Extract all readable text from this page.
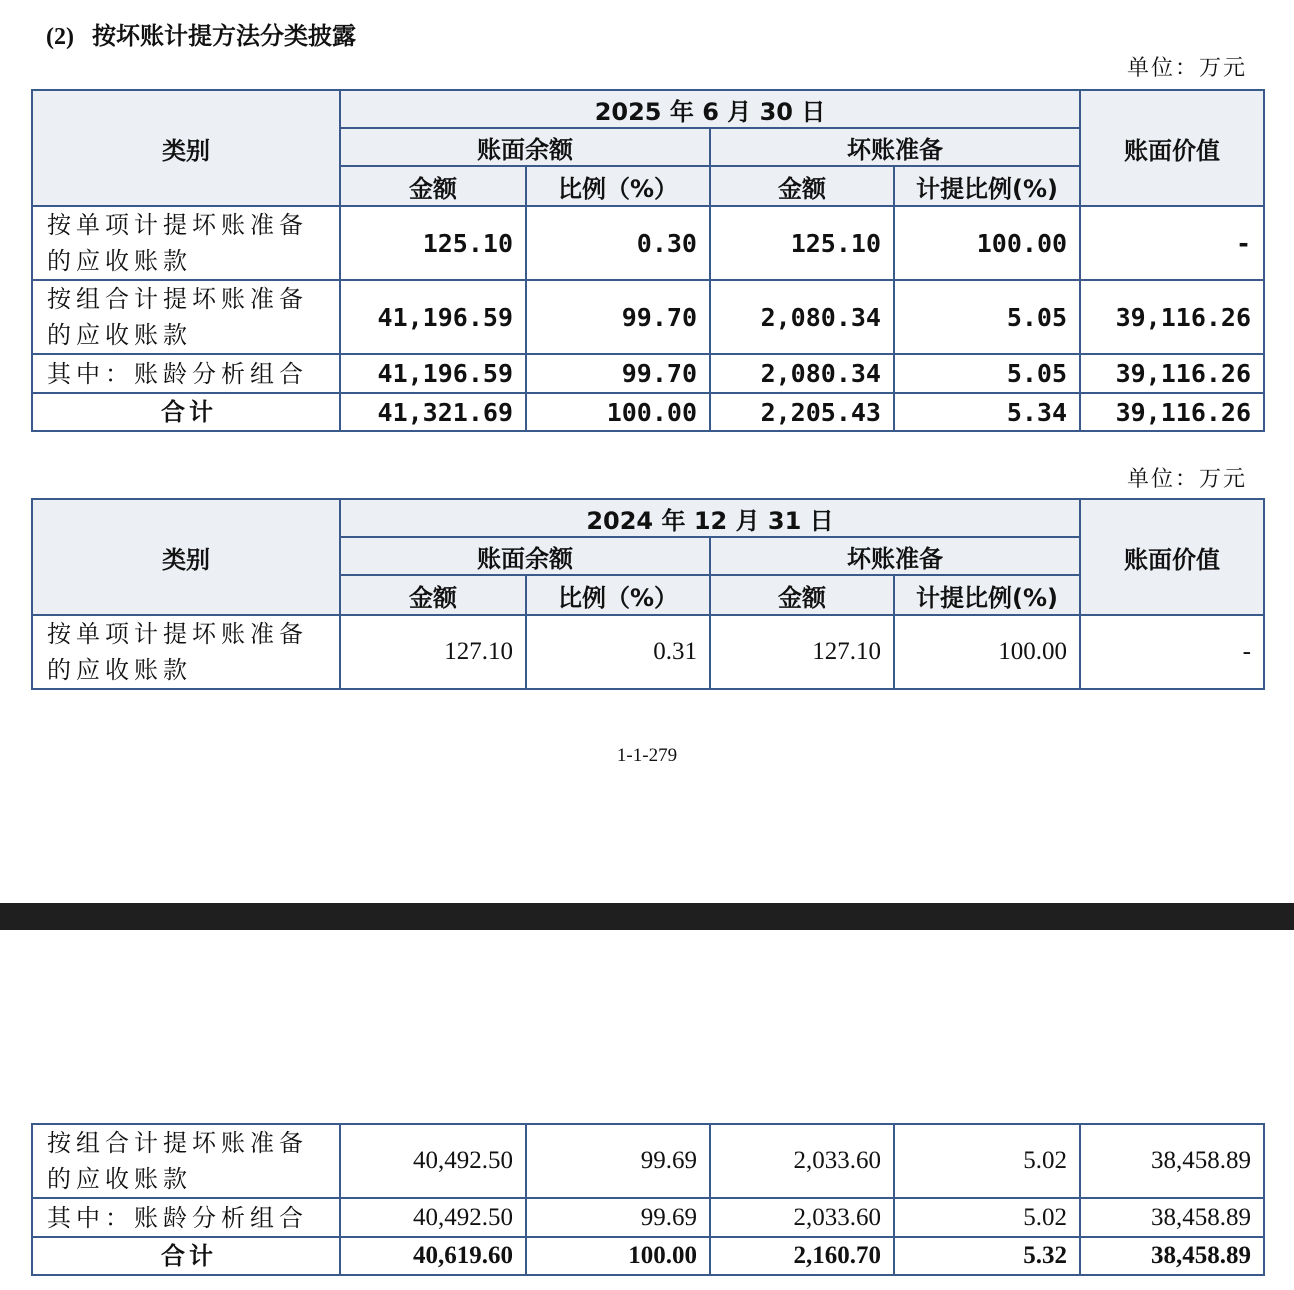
(2) 按坏账计提方法分类披露
单位：万元
类别	2025 年 6 月 30 日				账面价值
	账面余额		坏账准备		
	金额	比例（%）	金额	计提比例(%)	
按单项计提坏账准备的应收账款	125.10	0.30	125.10	100.00	-
按组合计提坏账准备的应收账款	41,196.59	99.70	2,080.34	5.05	39,116.26
其中：账龄分析组合	41,196.59	99.70	2,080.34	5.05	39,116.26
合计	41,321.69	100.00	2,205.43	5.34	39,116.26
单位：万元
类别	2024 年 12 月 31 日				账面价值
	账面余额		坏账准备		
	金额	比例（%）	金额	计提比例(%)	
按单项计提坏账准备的应收账款	127.10	0.31	127.10	100.00	-
1-1-279
按组合计提坏账准备的应收账款	40,492.50	99.69	2,033.60	5.02	38,458.89
其中：账龄分析组合	40,492.50	99.69	2,033.60	5.02	38,458.89
合计	40,619.60	100.00	2,160.70	5.32	38,458.89
